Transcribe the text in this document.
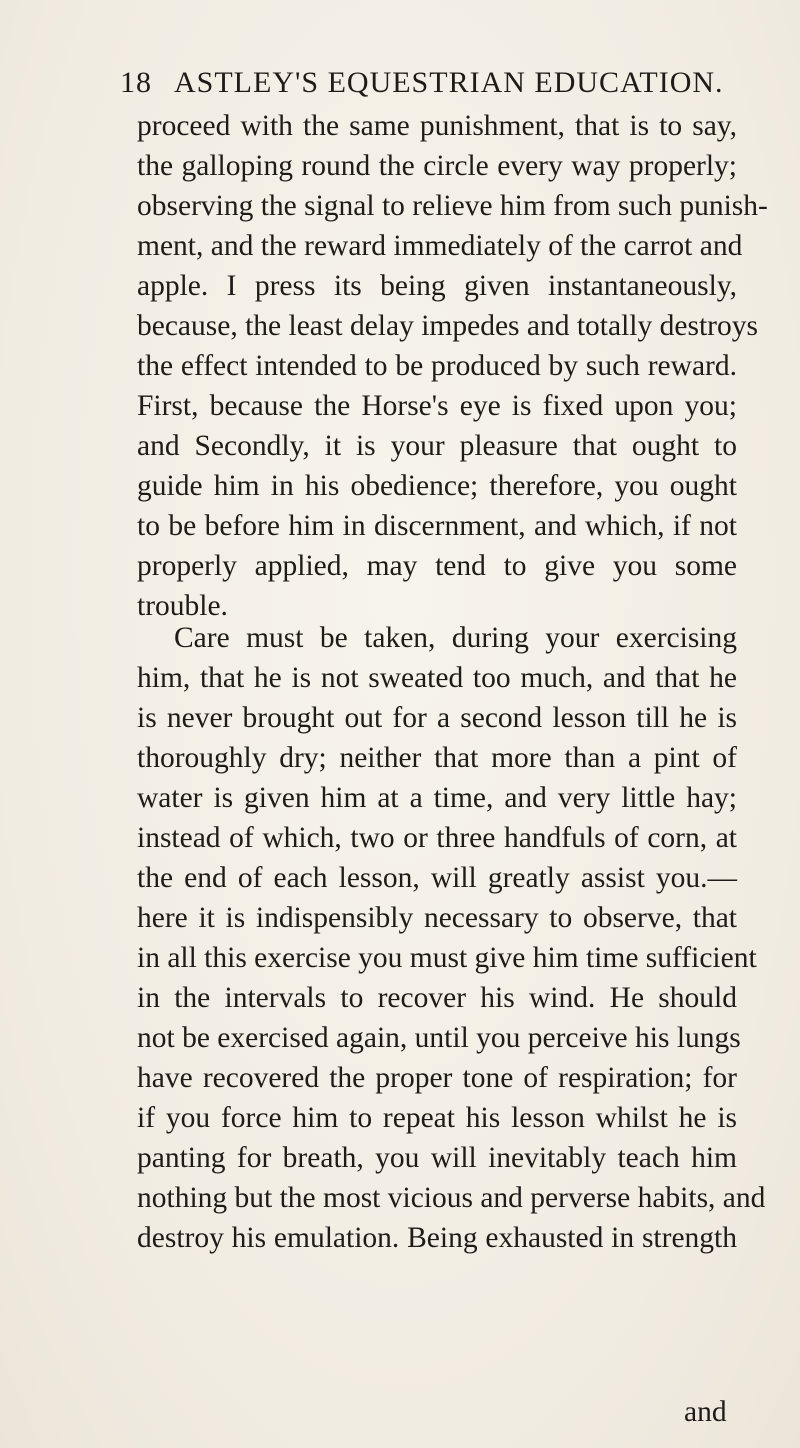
18 ASTLEY'S EQUESTRIAN EDUCATION.
proceed with the same punishment, that is to say,
the galloping round the circle every way properly;
observing the signal to relieve him from such punish-
ment, and the reward immediately of the carrot and
apple. I press its being given instantaneously,
because, the least delay impedes and totally destroys
the effect intended to be produced by such reward.
First, because the Horse's eye is fixed upon you;
and Secondly, it is your pleasure that ought to
guide him in his obedience; therefore, you ought
to be before him in discernment, and which, if not
properly applied, may tend to give you some
trouble.
Care must be taken, during your exercising
him, that he is not sweated too much, and that he
is never brought out for a second lesson till he is
thoroughly dry; neither that more than a pint of
water is given him at a time, and very little hay;
instead of which, two or three handfuls of corn, at
the end of each lesson, will greatly assist you.—
here it is indispensibly necessary to observe, that
in all this exercise you must give him time sufficient
in the intervals to recover his wind. He should
not be exercised again, until you perceive his lungs
have recovered the proper tone of respiration; for
if you force him to repeat his lesson whilst he is
panting for breath, you will inevitably teach him
nothing but the most vicious and perverse habits, and
destroy his emulation. Being exhausted in strength
and
